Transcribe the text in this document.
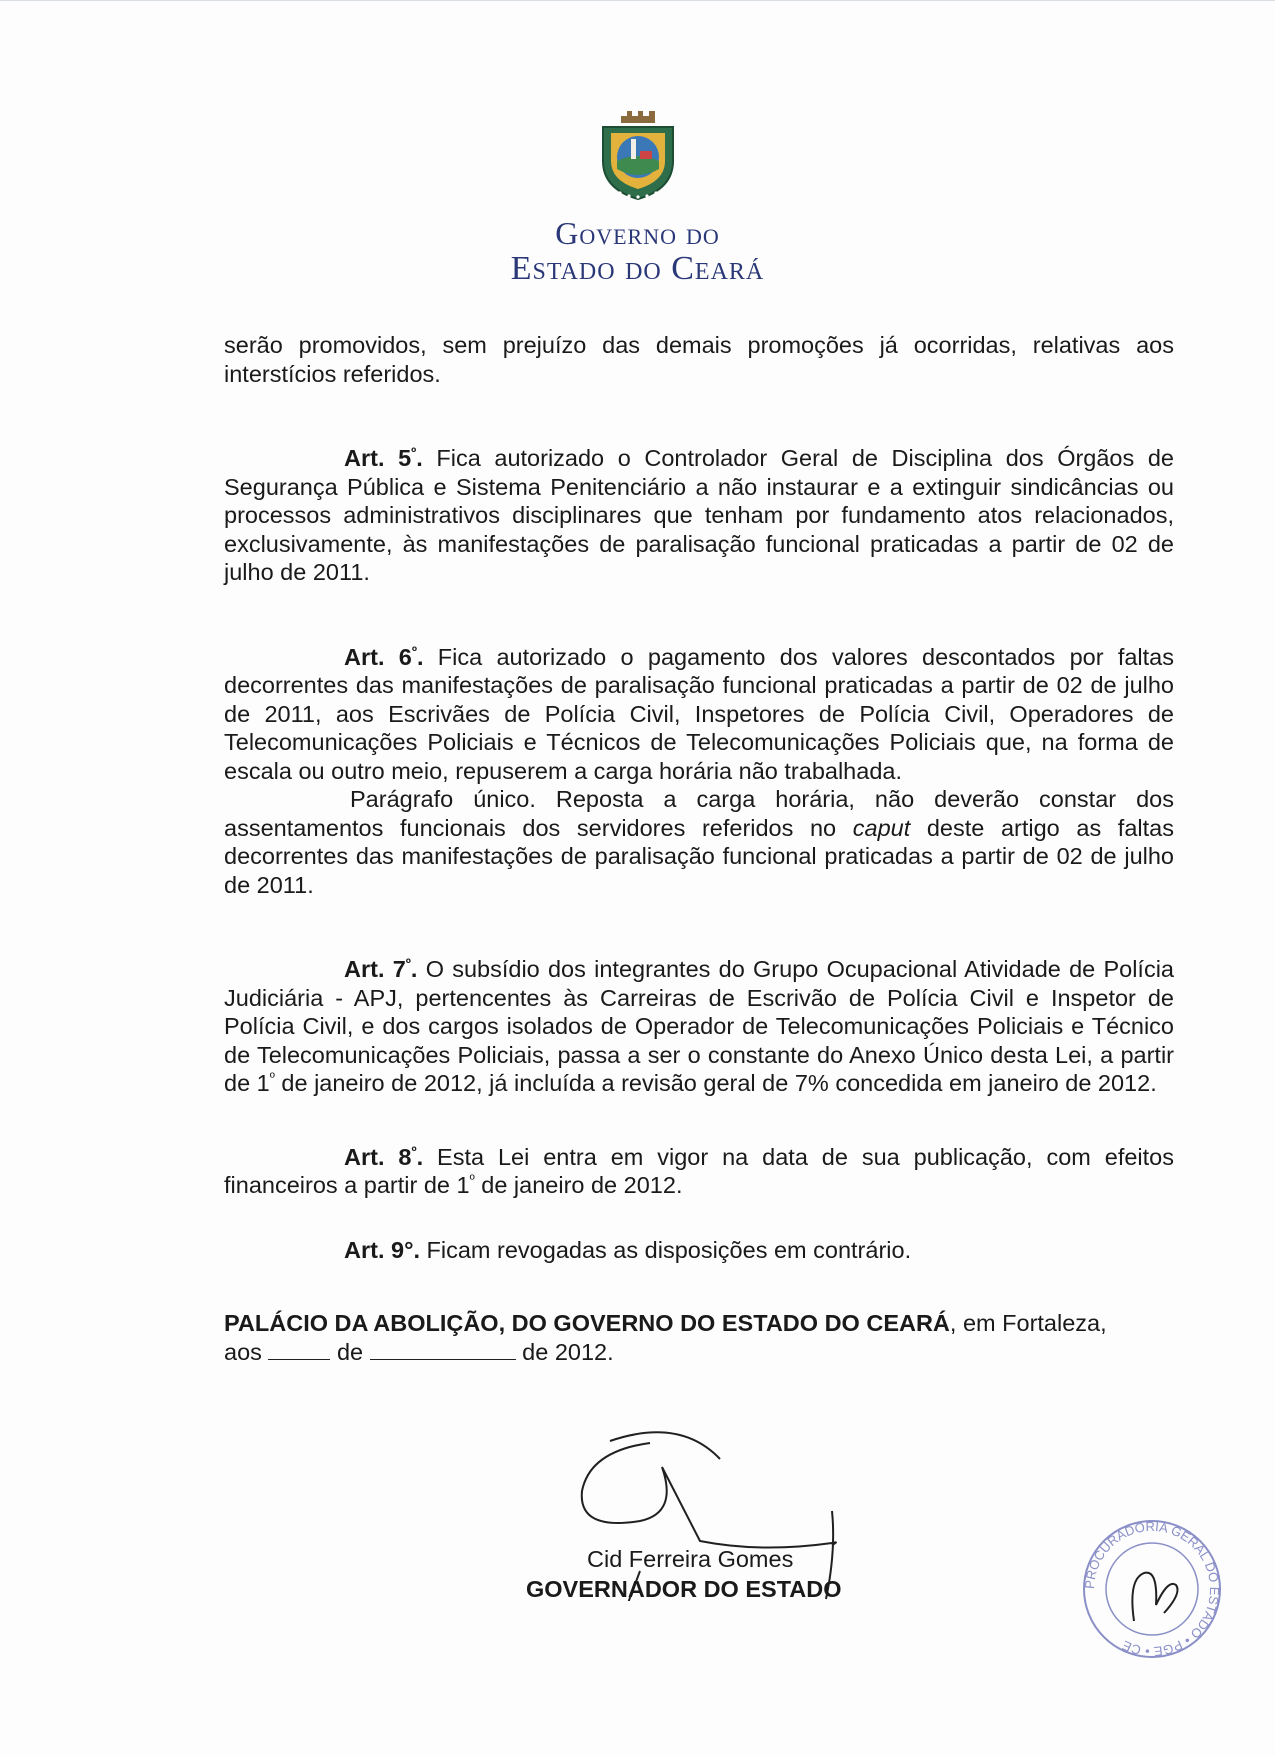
Governo do
Estado do Ceará

serão promovidos, sem prejuízo das demais promoções já ocorridas, relativas aos interstícios referidos.

Art. $5^º$. Fica autorizado o Controlador Geral de Disciplina dos Órgãos de Segurança Pública e Sistema Penitenciário a não instaurar e a extinguir sindicâncias ou processos administrativos disciplinares que tenham por fundamento atos relacionados, exclusivamente, às manifestações de paralisação funcional praticadas a partir de 02 de julho de 2011.

Art. $6^º$. Fica autorizado o pagamento dos valores descontados por faltas decorrentes das manifestações de paralisação funcional praticadas a partir de 02 de julho de 2011, aos Escrivães de Polícia Civil, Inspetores de Polícia Civil, Operadores de Telecomunicações Policiais e Técnicos de Telecomunicações Policiais que, na forma de escala ou outro meio, repuserem a carga horária não trabalhada.

Parágrafo único. Reposta a carga horária, não deverão constar dos assentamentos funcionais dos servidores referidos no caput deste artigo as faltas decorrentes das manifestações de paralisação funcional praticadas a partir de 02 de julho de 2011.

Art. $7^º$. O subsídio dos integrantes do Grupo Ocupacional Atividade de Polícia Judiciária - APJ, pertencentes às Carreiras de Escrivão de Polícia Civil e Inspetor de Polícia Civil, e dos cargos isolados de Operador de Telecomunicações Policiais e Técnico de Telecomunicações Policiais, passa a ser o constante do Anexo Único desta Lei, a partir de $1^º$ de janeiro de 2012, já incluída a revisão geral de 7% concedida em janeiro de 2012.

Art. $8^º$. Esta Lei entra em vigor na data de sua publicação, com efeitos financeiros a partir de $1^º$ de janeiro de 2012.

Art. 9°. Ficam revogadas as disposições em contrário.

PALÁCIO DA ABOLIÇÃO, DO GOVERNO DO ESTADO DO CEARÁ, em Fortaleza,
aos	de	de 2012.

Cid Ferreira Gomes
GOVERNADOR DO ESTADO	PROCURADORIA GERAL DO ESTADO • PGE • CE
